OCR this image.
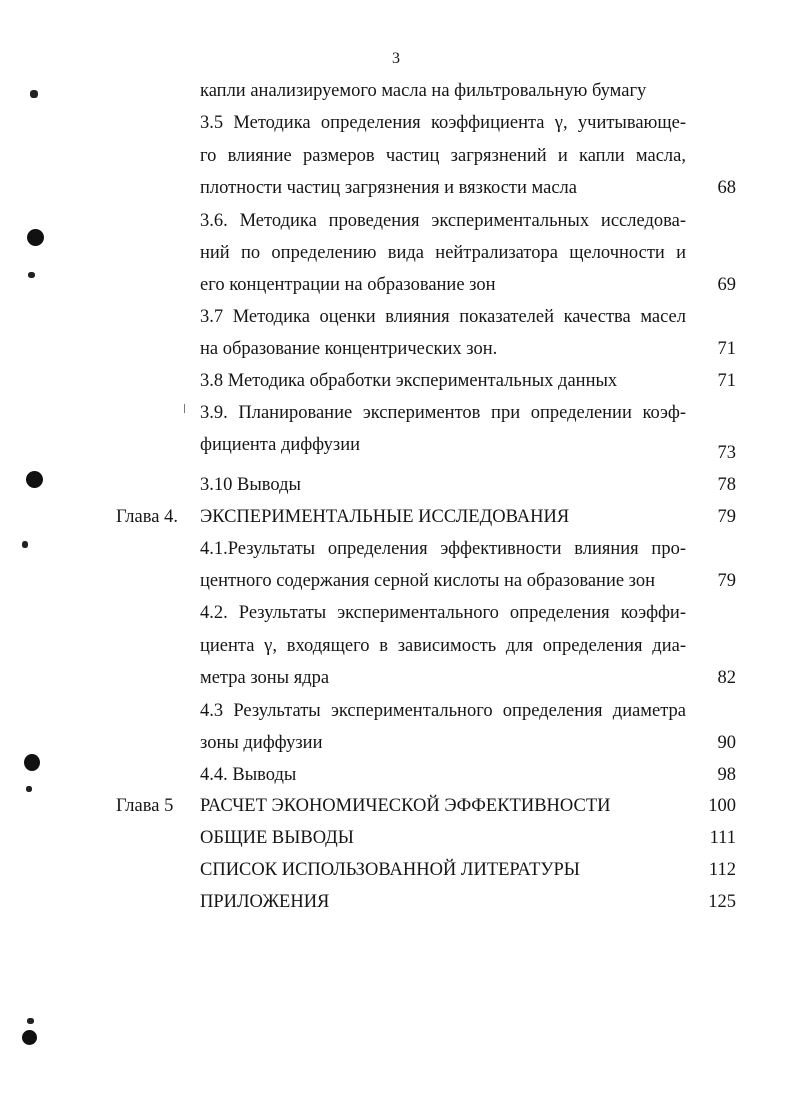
3
капли анализируемого масла на фильтровальную бумагу
3.5 Методика определения коэффициента γ, учитывающе-
го влияние размеров частиц загрязнений и капли масла,
плотности частиц загрязнения и вязкости масла	68
3.6. Методика проведения экспериментальных исследова-
ний по определению вида нейтрализатора щелочности и
его концентрации на образование зон	69
3.7 Методика оценки влияния показателей качества масел
на образование концентрических зон.	71
3.8 Методика обработки экспериментальных данных	71
3.9. Планирование экспериментов при определении коэф-
фициента диффузии	73
3.10 Выводы	78
Глава 4. ЭКСПЕРИМЕНТАЛЬНЫЕ ИССЛЕДОВАНИЯ	79
4.1.Результаты определения эффективности влияния про-
центного содержания серной кислоты на образование зон	79
4.2. Результаты экспериментального определения коэффи-
циента γ, входящего в зависимость для определения диа-
метра зоны ядра	82
4.3 Результаты экспериментального определения диаметра
зоны диффузии	90
4.4. Выводы	98
Глава 5 РАСЧЕТ ЭКОНОМИЧЕСКОЙ ЭФФЕКТИВНОСТИ	100
ОБЩИЕ ВЫВОДЫ	111
СПИСОК ИСПОЛЬЗОВАННОЙ ЛИТЕРАТУРЫ	112
ПРИЛОЖЕНИЯ	125
